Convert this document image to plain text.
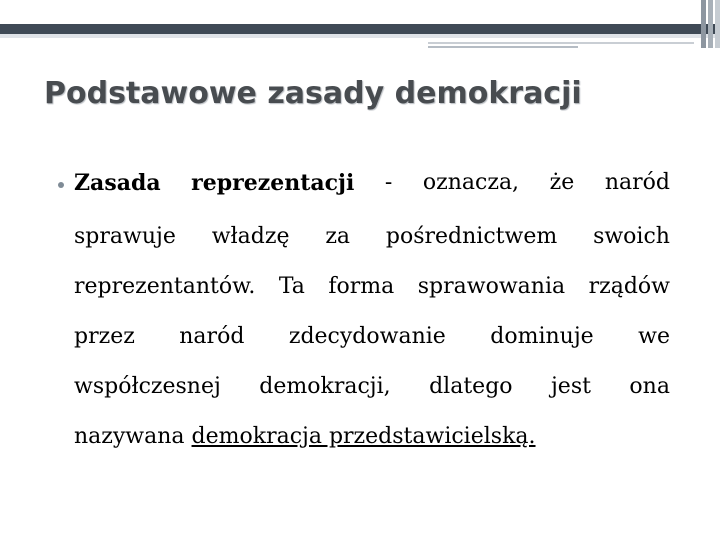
Podstawowe zasady demokracji
Zasada reprezentacji - oznacza, że naród
sprawuje władzę za pośrednictwem swoich
reprezentantów. Ta forma sprawowania rządów
przez naród zdecydowanie dominuje we
współczesnej demokracji, dlatego jest ona
nazywana demokracja przedstawicielską.
